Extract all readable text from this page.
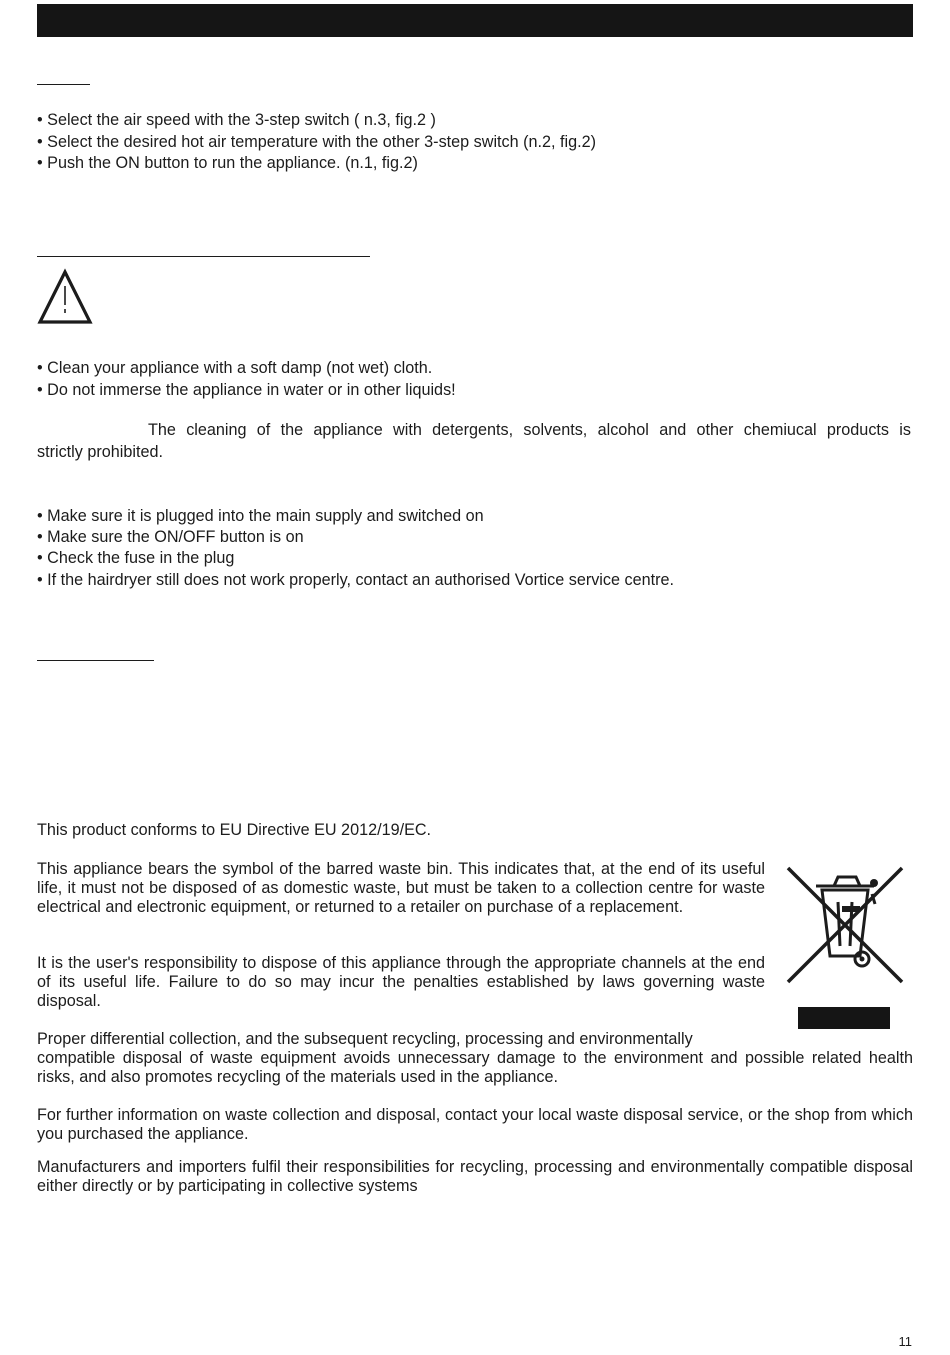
• Select the air speed with the 3-step switch ( n.3, fig.2 )
• Select the desired hot air temperature with the other 3-step switch (n.2, fig.2)
• Push the ON button to run the appliance. (n.1, fig.2)
• Clean your appliance with a soft damp (not wet) cloth.
• Do not immerse the appliance in water or in other liquids!
The cleaning of the appliance with detergents, solvents, alcohol and other chemiucal products is
strictly prohibited.
• Make sure it is plugged into the main supply and switched on
• Make sure the ON/OFF button is on
• Check the fuse in the plug
• If the hairdryer still does not work properly, contact an authorised Vortice service centre.
This product conforms to EU Directive EU 2012/19/EC.
This appliance bears the symbol of the barred waste bin. This indicates that, at the end of its useful life, it must not be disposed of as domestic waste, but must be taken to a collection centre for waste electrical and electronic equipment, or returned to a retailer on purchase of a replacement.
It is the user's responsibility to dispose of this appliance through the appropriate channels at the end of its useful life. Failure to do so may incur the penalties established by laws governing waste disposal.
Proper differential collection, and the subsequent recycling, processing and environmentally
compatible disposal of waste equipment avoids unnecessary damage to the environment and possible related health risks, and also promotes recycling of the materials used in the appliance.
For further information on waste collection and disposal, contact your local waste disposal service, or the shop from which you purchased the appliance.
Manufacturers and importers fulfil their responsibilities for recycling, processing and environmentally compatible disposal either directly or by participating in collective systems
11
